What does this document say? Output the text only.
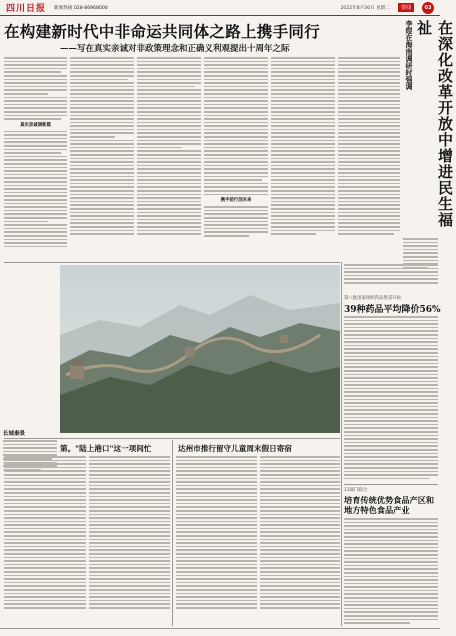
四川日报 新闻热线 028-86968000	2022年8月30日 星期二	要闻	03
在构建新时代中非命运共同体之路上携手同行
——写在真实亲诚对非政策理念和正确义利观提出十周年之际
真实亲诚谱新篇
携手前行创未来
李煜在海南调研时强调	在深化改革开放中增进民生福祉
长城秦景
第八批国家组织药品集采开标
39种药品平均降价56%
11部门联合
培育传统优势食品产区和地方特色食品产业
第。"陆上港口"这一项间忙	达州市推行留守儿童周末假日寄宿
